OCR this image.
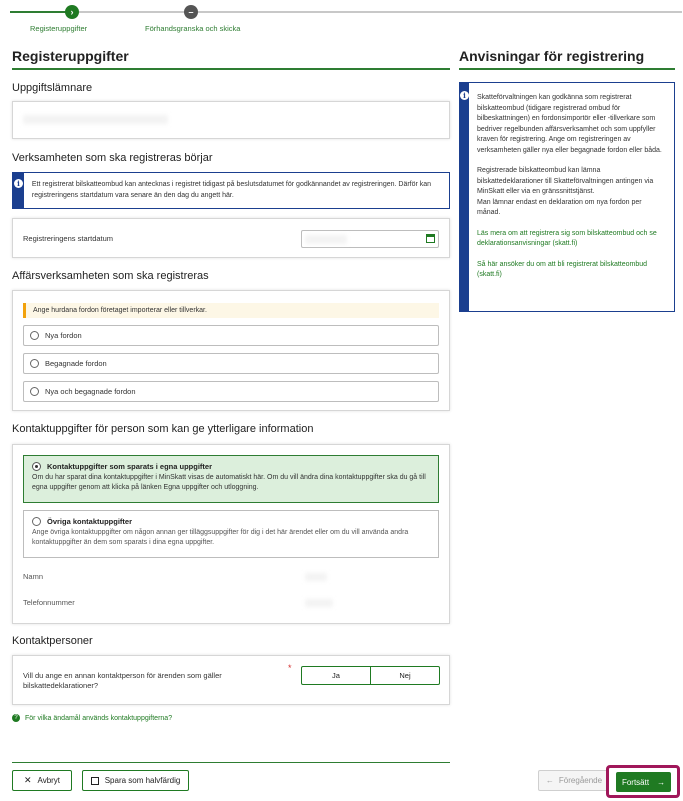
›	–
Registeruppgifter	Förhandsgranska och skicka
Registeruppgifter
Uppgiftslämnare
Verksamheten som ska registreras börjar
i	Ett registrerat bilskatteombud kan antecknas i registret tidigast på beslutsdatumet för godkännandet av registreringen. Därför kan registreringens startdatum vara senare än den dag du angett här.
Registreringens startdatum
Affärsverksamheten som ska registreras
Ange hurdana fordon företaget importerar eller tillverkar.
Nya fordon
Begagnade fordon
Nya och begagnade fordon
Kontaktuppgifter för person som kan ge ytterligare information
Kontaktuppgifter som sparats i egna uppgifter
Om du har sparat dina kontaktuppgifter i MinSkatt visas de automatiskt här. Om du vill ändra dina kontaktuppgifter ska du gå till egna uppgifter genom att klicka på länken Egna uppgifter och utloggning.
Övriga kontaktuppgifter
Ange övriga kontaktuppgifter om någon annan ger tilläggsuppgifter för dig i det här ärendet eller om du vill använda andra kontaktuppgifter än dem som sparats i dina egna uppgifter.
Namn
Telefonnummer
Kontaktpersoner
Vill du ange en annan kontaktperson för ärenden som gäller bilskattedeklarationer?
*
Ja	Nej
?	För vilka ändamål används kontaktuppgifterna?
✕ Avbryt	Spara som halvfärdig	← Föregående Fortsätt →
Anvisningar för registrering
i	Skatteförvaltningen kan godkänna som registrerat bilskatteombud (tidigare registrerad ombud för bilbeskattningen) en fordonsimportör eller -tillverkare som bedriver regelbunden affärsverksamhet och som uppfyller kraven för registrering. Ange om registreringen av verksamheten gäller nya eller begagnade fordon eller båda.
Registrerade bilskatteombud kan lämna bilskattedeklarationer till Skatteförvaltningen antingen via MinSkatt eller via en gränssnittstjänst.
Man lämnar endast en deklaration om nya fordon per månad.
Läs mera om att registrera sig som bilskatteombud och se deklarationsanvisningar (skatt.fi)
Så här ansöker du om att bli registrerat bilskatteombud (skatt.fi)
